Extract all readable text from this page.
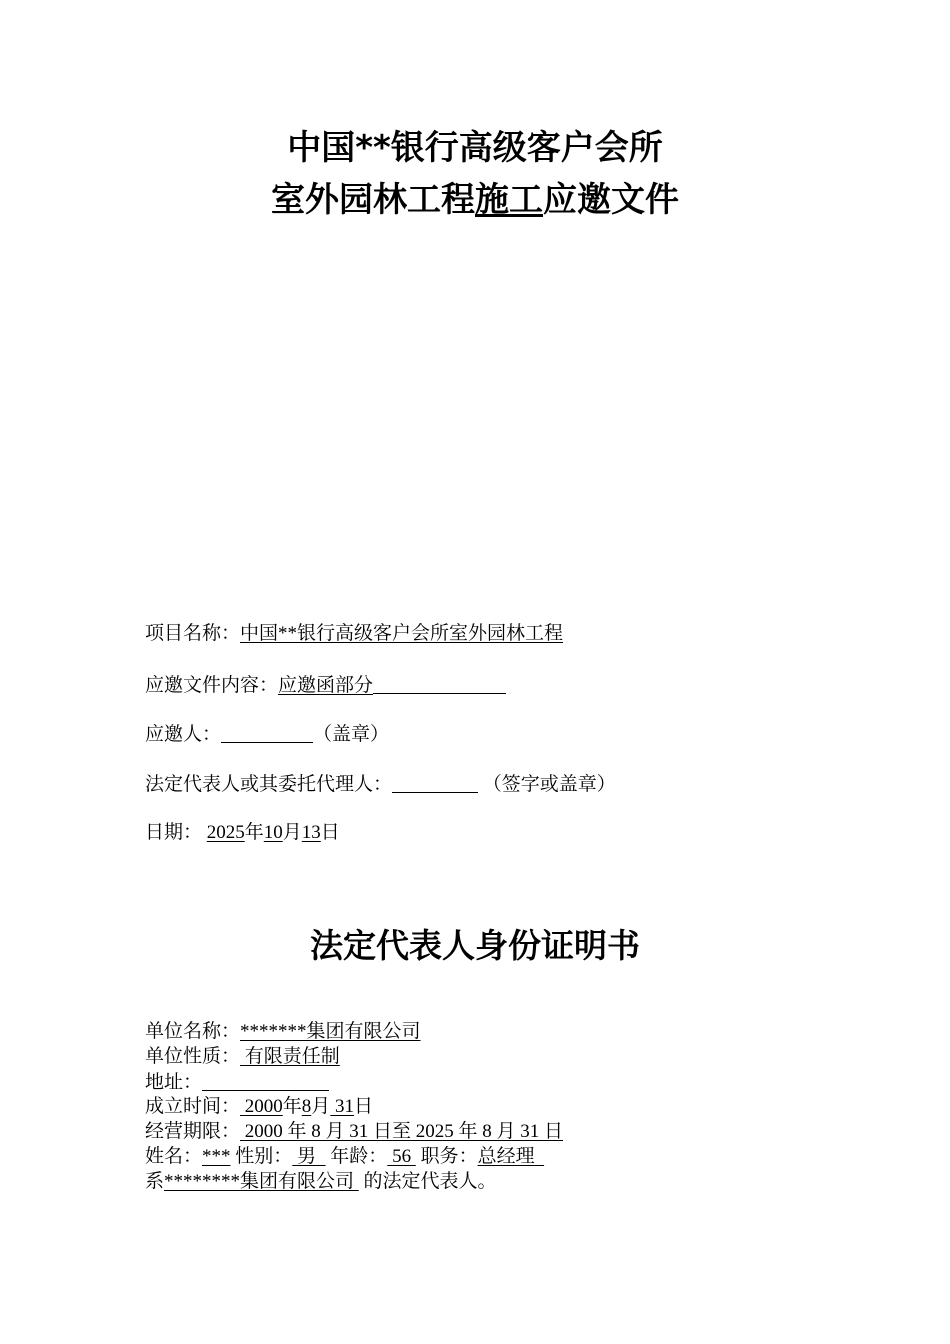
中国**银行高级客户会所
室外园林工程施工应邀文件
项目名称：中国**银行高级客户会所室外园林工程
应邀文件内容：应邀函部分
应邀人：	（盖章）
法定代表人或其委托代理人：	（签字或盖章）
日期： 2025年10月13日
法定代表人身份证明书
单位名称：*******集团有限公司
单位性质： 有限责任制
地址：
成立时间： 2000年8月 31日
经营期限： 2000 年 8 月 31 日至 2025 年 8 月 31 日
姓名：*** 性别： 男 年龄： 56 职务：总经理
系********集团有限公司 的法定代表人。
